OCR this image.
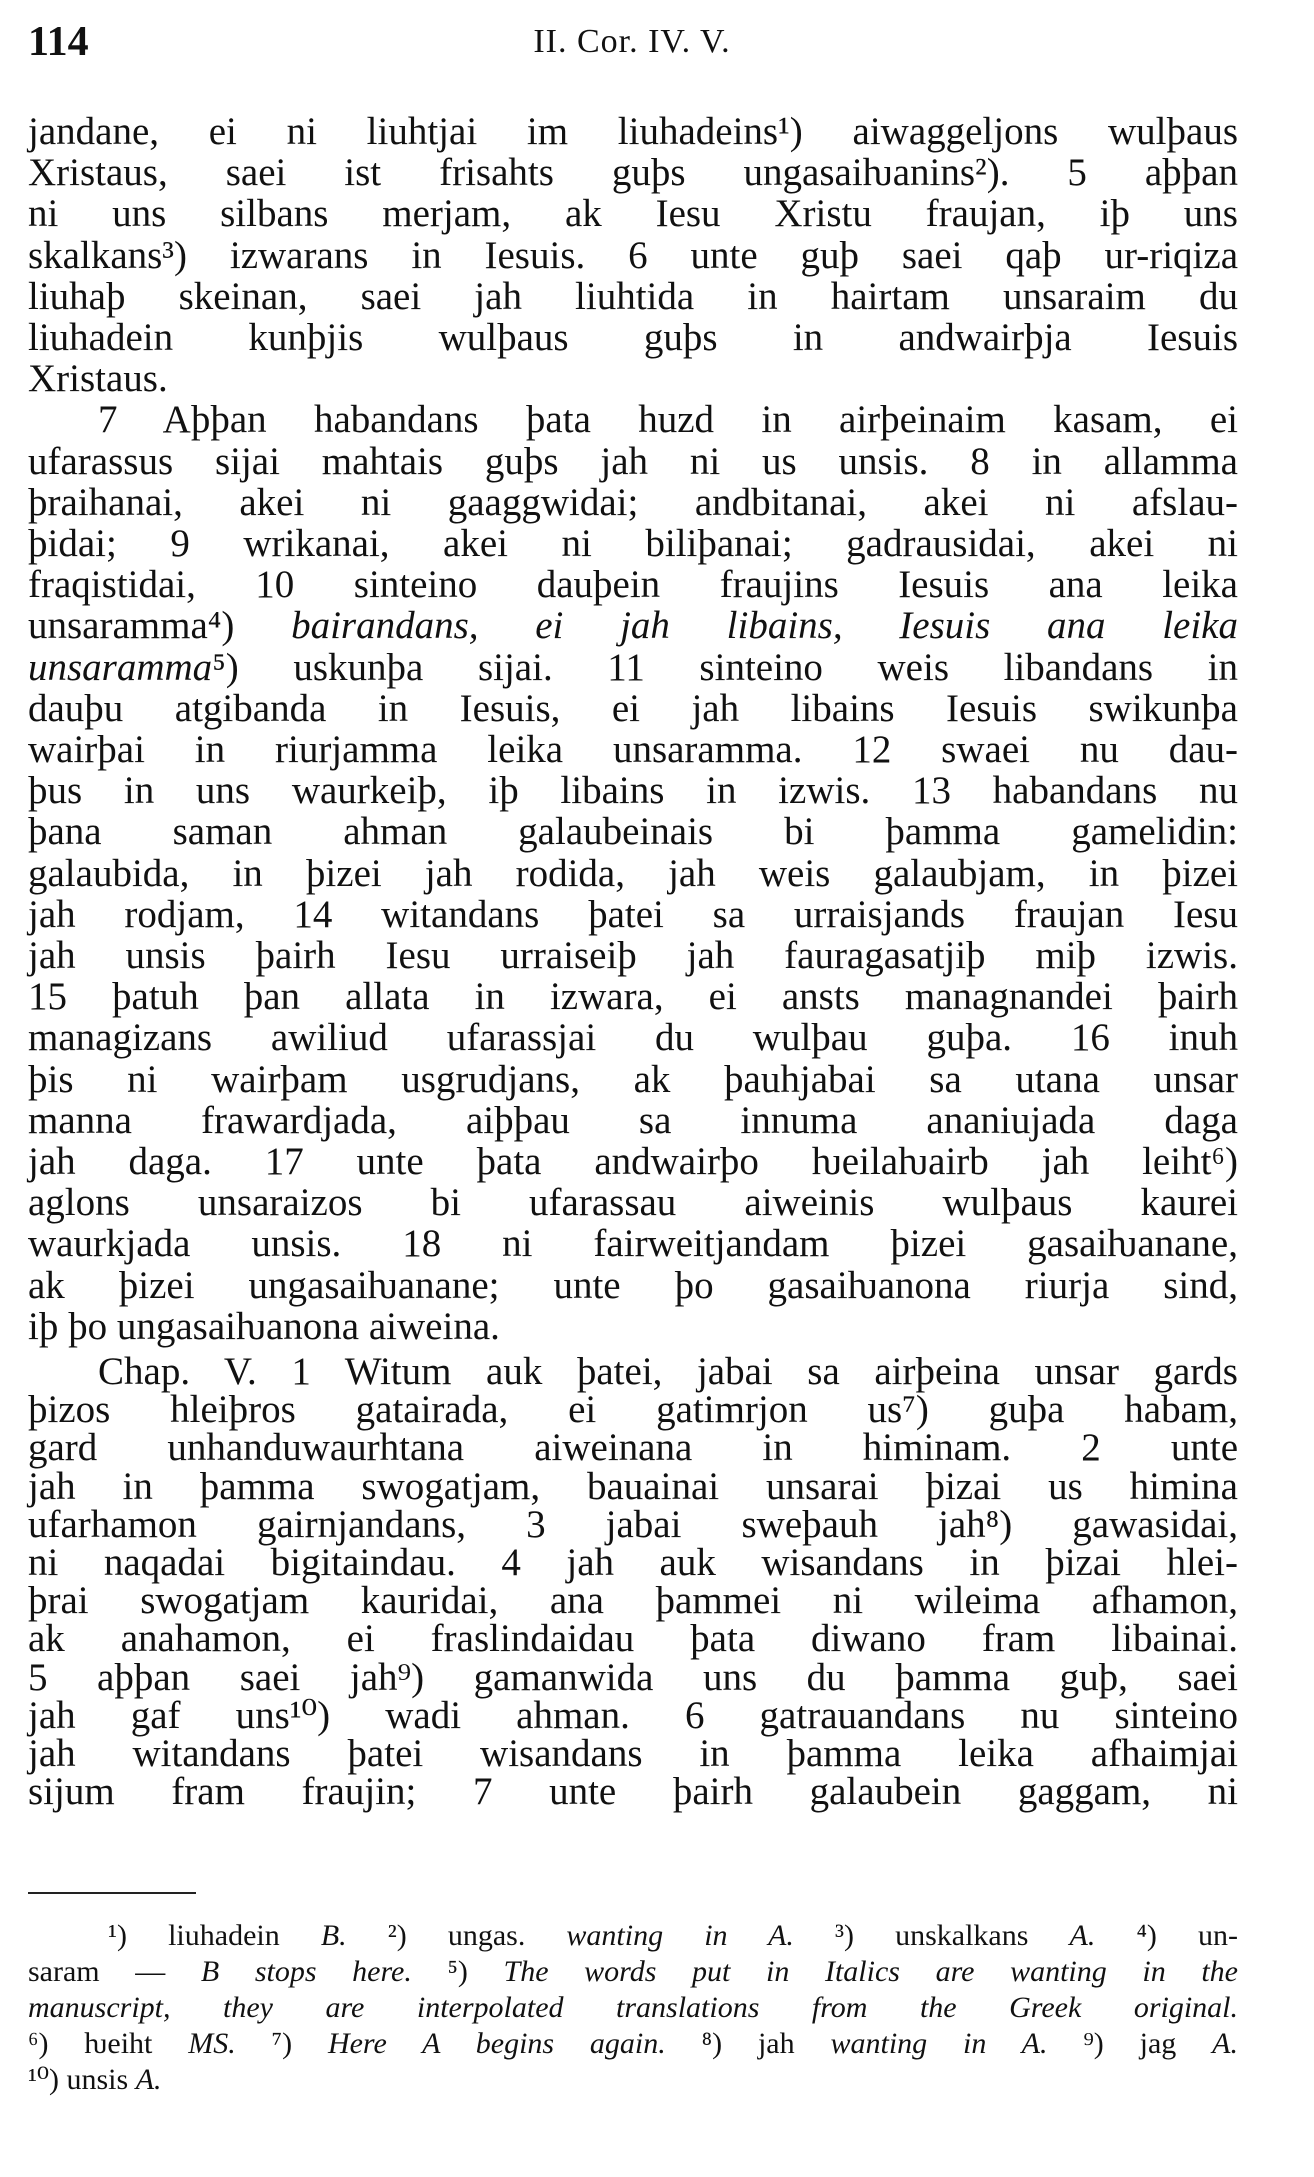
114	II. Cor. IV. V.
jandane, ei ni liuhtjai im liuhadeins¹) aiwaggeljons wulþaus
Xristaus, saei ist frisahts guþs ungasaiƕanins²). 5 aþþan
ni uns silbans merjam, ak Iesu Xristu fraujan, iþ uns
skalkans³) izwarans in Iesuis. 6 unte guþ saei qaþ ur-riqiza
liuhaþ skeinan, saei jah liuhtida in hairtam unsaraim du
liuhadein kunþjis wulþaus guþs in andwairþja Iesuis
Xristaus.
7 Aþþan habandans þata huzd in airþeinaim kasam, ei
ufarassus sijai mahtais guþs jah ni us unsis. 8 in allamma
þraihanai, akei ni gaaggwidai; andbitanai, akei ni afslau-
þidai; 9 wrikanai, akei ni biliþanai; gadrausidai, akei ni
fraqistidai, 10 sinteino dauþein fraujins Iesuis ana leika
unsaramma⁴) bairandans, ei jah libains, Iesuis ana leika
unsaramma⁵) uskunþa sijai. 11 sinteino weis libandans in
dauþu atgibanda in Iesuis, ei jah libains Iesuis swikunþa
wairþai in riurjamma leika unsaramma. 12 swaei nu dau-
þus in uns waurkeiþ, iþ libains in izwis. 13 habandans nu
þana saman ahman galaubeinais bi þamma gamelidin:
galaubida, in þizei jah rodida, jah weis galaubjam, in þizei
jah rodjam, 14 witandans þatei sa urraisjands fraujan Iesu
jah unsis þairh Iesu urraiseiþ jah fauragasatjiþ miþ izwis.
15 þatuh þan allata in izwara, ei ansts managnandei þairh
managizans awiliud ufarassjai du wulþau guþa. 16 inuh
þis ni wairþam usgrudjans, ak þauhjabai sa utana unsar
manna frawardjada, aiþþau sa innuma ananiujada daga
jah daga. 17 unte þata andwairþo ƕeilaƕairb jah leiht⁶)
aglons unsaraizos bi ufarassau aiweinis wulþaus kaurei
waurkjada unsis. 18 ni fairweitjandam þizei gasaiƕanane,
ak þizei ungasaiƕanane; unte þo gasaiƕanona riurja sind,
iþ þo ungasaiƕanona aiweina.
Chap. V. 1 Witum auk þatei, jabai sa airþeina unsar gards
þizos hleiþros gatairada, ei gatimrjon us⁷) guþa habam,
gard unhanduwaurhtana aiweinana in himinam. 2 unte
jah in þamma swogatjam, bauainai unsarai þizai us himina
ufarhamon gairnjandans, 3 jabai sweþauh jah⁸) gawasidai,
ni naqadai bigitaindau. 4 jah auk wisandans in þizai hlei-
þrai swogatjam kauridai, ana þammei ni wileima afhamon,
ak anahamon, ei fraslindaidau þata diwano fram libainai.
5 aþþan saei jah⁹) gamanwida uns du þamma guþ, saei
jah gaf uns¹⁰) wadi ahman. 6 gatrauandans nu sinteino
jah witandans þatei wisandans in þamma leika afhaimjai
sijum fram fraujin; 7 unte þairh galaubein gaggam, ni
¹) liuhadein B. ²) ungas. wanting in A. ³) unskalkans A. ⁴) un-
saram — B stops here. ⁵) The words put in Italics are wanting in the
manuscript, they are interpolated translations from the Greek original.
⁶) ƕeiht MS. ⁷) Here A begins again. ⁸) jah wanting in A. ⁹) jag A.
¹⁰) unsis A.
